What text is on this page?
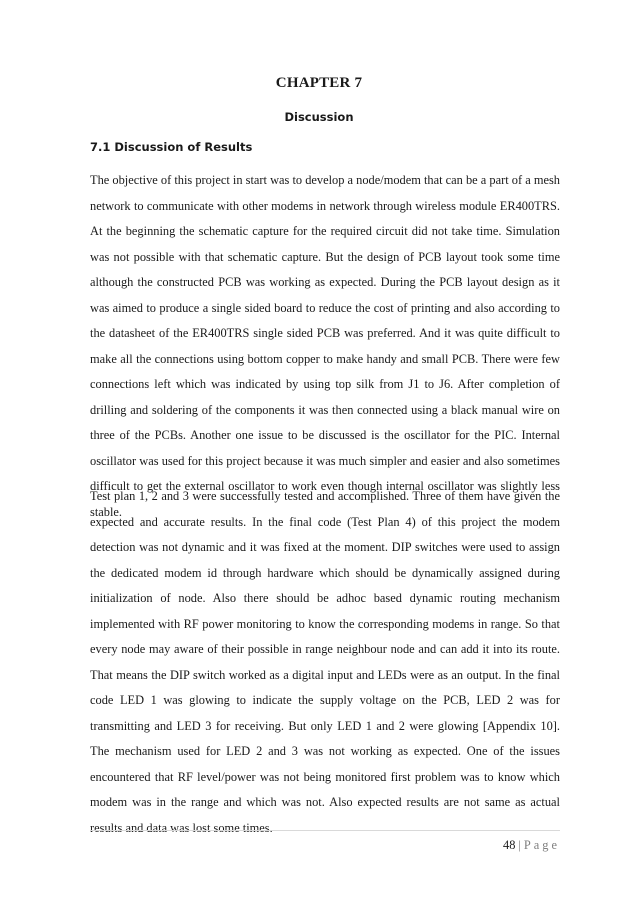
CHAPTER 7
Discussion
7.1 Discussion of Results

The objective of this project in start was to develop a node/modem that can be a part of a mesh network to communicate with other modems in network through wireless module ER400TRS. At the beginning the schematic capture for the required circuit did not take time. Simulation was not possible with that schematic capture. But the design of PCB layout took some time although the constructed PCB was working as expected. During the PCB layout design as it was aimed to produce a single sided board to reduce the cost of printing and also according to the datasheet of the ER400TRS single sided PCB was preferred. And it was quite difficult to make all the connections using bottom copper to make handy and small PCB. There were few connections left which was indicated by using top silk from J1 to J6. After completion of drilling and soldering of the components it was then connected using a black manual wire on three of the PCBs. Another one issue to be discussed is the oscillator for the PIC. Internal oscillator was used for this project because it was much simpler and easier and also sometimes difficult to get the external oscillator to work even though internal oscillator was slightly less stable.

Test plan 1, 2 and 3 were successfully tested and accomplished. Three of them have given the expected and accurate results. In the final code (Test Plan 4) of this project the modem detection was not dynamic and it was fixed at the moment. DIP switches were used to assign the dedicated modem id through hardware which should be dynamically assigned during initialization of node. Also there should be adhoc based dynamic routing mechanism implemented with RF power monitoring to know the corresponding modems in range. So that every node may aware of their possible in range neighbour node and can add it into its route. That means the DIP switch worked as a digital input and LEDs were as an output. In the final code LED 1 was glowing to indicate the supply voltage on the PCB, LED 2 was for transmitting and LED 3 for receiving. But only LED 1 and 2 were glowing [Appendix 10]. The mechanism used for LED 2 and 3 was not working as expected. One of the issues encountered that RF level/power was not being monitored first problem was to know which modem was in the range and which was not. Also expected results are not same as actual results and data was lost some times.

48 | Page
